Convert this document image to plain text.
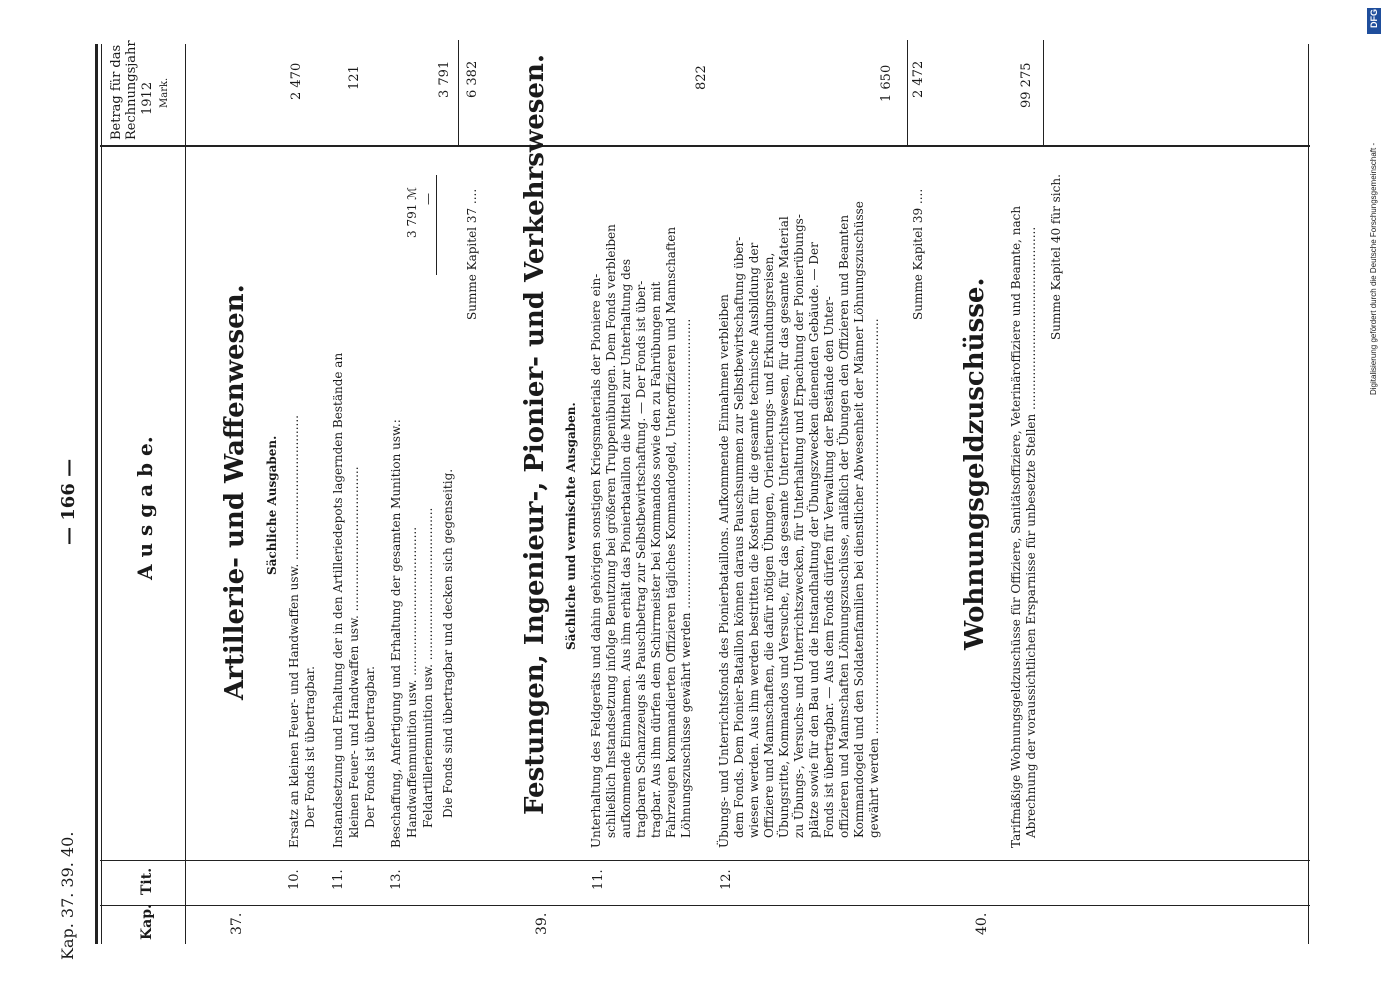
Kap. 37. 39. 40.
— 166 —
Kap.
Tit.
A u s g a b e.
Betrag für das Rechnungsjahr 1912 Mark.
37.
Artillerie- und Waffenwesen. Sächliche Ausgaben.
10.
Ersatz an kleinen Feuer- und Handwaffen usw. ...................................... Der Fonds ist übertragbar.
2 470
11.
Instandsetzung und Erhaltung der in den Artilleriedepots lagernden Bestände an kleinen Feuer- und Handwaffen usw. ...................................... Der Fonds ist übertragbar.
121
13.
Beschaffung, Anfertigung und Erhaltung der gesamten Munition usw.: Handwaffenmunition usw. .......................................
3 791 ℳ
Feldartilleriemunition usw. ........................................
—
Die Fonds sind übertragbar und decken sich gegenseitig.
3 791
Summe Kapitel 37 ....
6 382
39.
Festungen, Ingenieur-, Pionier- und Verkehrswesen. Sächliche und vermischte Ausgaben.
11.
Unterhaltung des Feldgeräts und dahin gehörigen sonstigen Kriegsmaterials der Pioniere ein- schließlich Instandsetzung infolge Benutzung bei größeren Truppenübungen. Dem Fonds verbleiben aufkommende Einnahmen. Aus ihm erhält das Pionierbataillon die Mittel zur Unterhaltung des tragbaren Schanzzeugs als Pauschbetrag zur Selbstbewirtschaftung. — Der Fonds ist über- tragbar. Aus ihm dürfen dem Schirrmeister bei Kommandos sowie den zu Fahrübungen mit Fahrzeugen kommandierten Offizieren tägliches Kommandogeld, Unteroffizieren und Mannschaften Löhnungszuschüsse gewährt werden ............................................................................
822
12.
Übungs- und Unterrichtsfonds des Pionierbataillons. Aufkommende Einnahmen verbleiben dem Fonds. Dem Pionier-Bataillon können daraus Pauschsummen zur Selbstbewirtschaftung über- wiesen werden. Aus ihm werden bestritten die Kosten für die gesamte technische Ausbildung der Offiziere und Mannschaften, die dafür nötigen Übungen, Orientierungs- und Erkundungsreisen, Übungsritte, Kommandos und Versuche, für das gesamte Unterrichtswesen, für das gesamte Material zu Übungs-, Versuchs- und Unterrichtszwecken, für Unterhaltung und Erpachtung der Pionierübungs- plätze sowie für den Bau und die Instandhaltung der Übungszwecken dienenden Gebäude. — Der Fonds ist übertragbar. — Aus dem Fonds dürfen für Verwaltung der Bestände den Unter- offizieren und Mannschaften Löhnungszuschüsse, anläßlich der Übungen den Offizieren und Beamten Kommandogeld und den Soldatenfamilien bei dienstlicher Abwesenheit der Männer Löhnungszuschüsse gewährt werden .............................................................................................................
1 650
Summe Kapitel 39 ....
2 472
40.
Wohnungsgeldzuschüsse. Tarifmäßige Wohnungsgeldzuschüsse für Offiziere, Sanitätsoffiziere, Veterinäroffiziere und Beamte, nach Abrechnung der voraussichtlichen Ersparnisse für unbesetzte Stellen ................................................
99 275
Summe Kapitel 40 für sich.	Digitalisierung gefördert durch die Deutsche Forschungsgemeinschaft -
DFG
